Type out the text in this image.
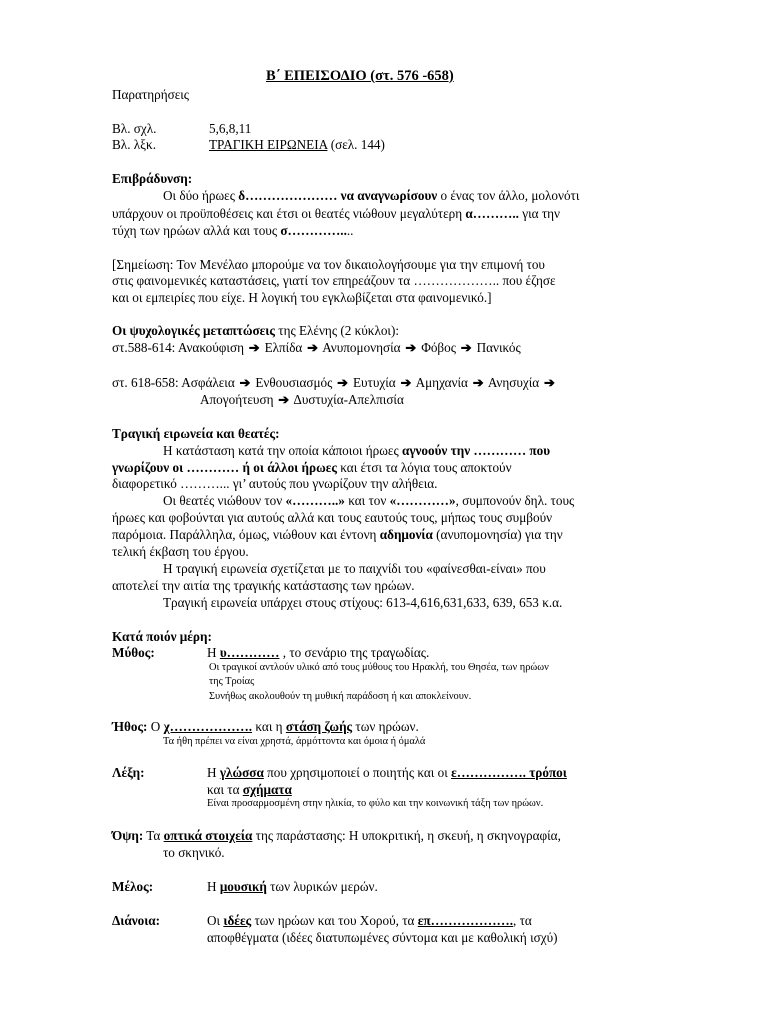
Β΄ ΕΠΕΙΣΟΔΙΟ (στ. 576 -658)
Παρατηρήσεις
Βλ. σχλ.	5,6,8,11
Βλ. λξκ.	ΤΡΑΓΙΚΗ ΕΙΡΩΝΕΙΑ (σελ. 144)
Επιβράδυνση:
Οι δύο ήρωες δ………………… να αναγνωρίσουν ο ένας τον άλλο, μολονότι
υπάρχουν οι προϋποθέσεις και έτσι οι θεατές νιώθουν μεγαλύτερη α……….. για την
τύχη των ηρώων αλλά και τους σ…………....
[Σημείωση: Τον Μενέλαο μπορούμε να τον δικαιολογήσουμε για την επιμονή του
στις φαινομενικές καταστάσεις, γιατί τον επηρεάζουν τα ……………….. που έζησε
και οι εμπειρίες που είχε. Η λογική του εγκλωβίζεται στα φαινομενικό.]
Οι ψυχολογικές μεταπτώσεις της Ελένης (2 κύκλοι):
στ.588-614: Ανακούφιση ➔ Ελπίδα ➔ Ανυπομονησία ➔ Φόβος ➔ Πανικός
στ. 618-658: Ασφάλεια ➔ Ενθουσιασμός ➔ Ευτυχία ➔ Αμηχανία ➔ Ανησυχία ➔
Απογοήτευση ➔ Δυστυχία-Απελπισία
Τραγική ειρωνεία και θεατές:
Η κατάσταση κατά την οποία κάποιοι ήρωες αγνοούν την ………… που
γνωρίζουν οι ………… ή οι άλλοι ήρωες και έτσι τα λόγια τους αποκτούν
διαφορετικό ………... γι’ αυτούς που γνωρίζουν την αλήθεια.
Οι θεατές νιώθουν τον «………..» και τον «…………», συμπονούν δηλ. τους
ήρωες και φοβούνται για αυτούς αλλά και τους εαυτούς τους, μήπως τους συμβούν
παρόμοια. Παράλληλα, όμως, νιώθουν και έντονη αδημονία (ανυπομονησία) για την
τελική έκβαση του έργου.
Η τραγική ειρωνεία σχετίζεται με το παιχνίδι του «φαίνεσθαι-είναι» που
αποτελεί την αιτία της τραγικής κατάστασης των ηρώων.
Τραγική ειρωνεία υπάρχει στους στίχους: 613-4,616,631,633, 639, 653 κ.α.
Κατά ποιόν μέρη:
Μύθος:	Η υ………… , το σενάριο της τραγωδίας.
Οι τραγικοί αντλούν υλικό από τους μύθους του Ηρακλή, του Θησέα, των ηρώων
της Τροίας
Συνήθως ακολουθούν τη μυθική παράδοση ή και αποκλείνουν.
Ήθος: Ο χ………………. και η στάση ζωής των ηρώων.
Τα ήθη πρέπει να είναι χρηστά, άρμόττοντα και όμοια ή όμαλά
Λέξη:	Η γλώσσα που χρησιμοποιεί ο ποιητής και οι ε……………. τρόποι
και τα σχήματα
Είναι προσαρμοσμένη στην ηλικία, το φύλο και την κοινωνική τάξη των ηρώων.
Όψη: Τα οπτικά στοιχεία της παράστασης: Η υποκριτική, η σκευή, η σκηνογραφία,
το σκηνικό.
Μέλος:	Η μουσική των λυρικών μερών.
Διάνοια:	Οι ιδέες των ηρώων και του Χορού, τα επ………………., τα
αποφθέγματα (ιδέες διατυπωμένες σύντομα και με καθολική ισχύ)
